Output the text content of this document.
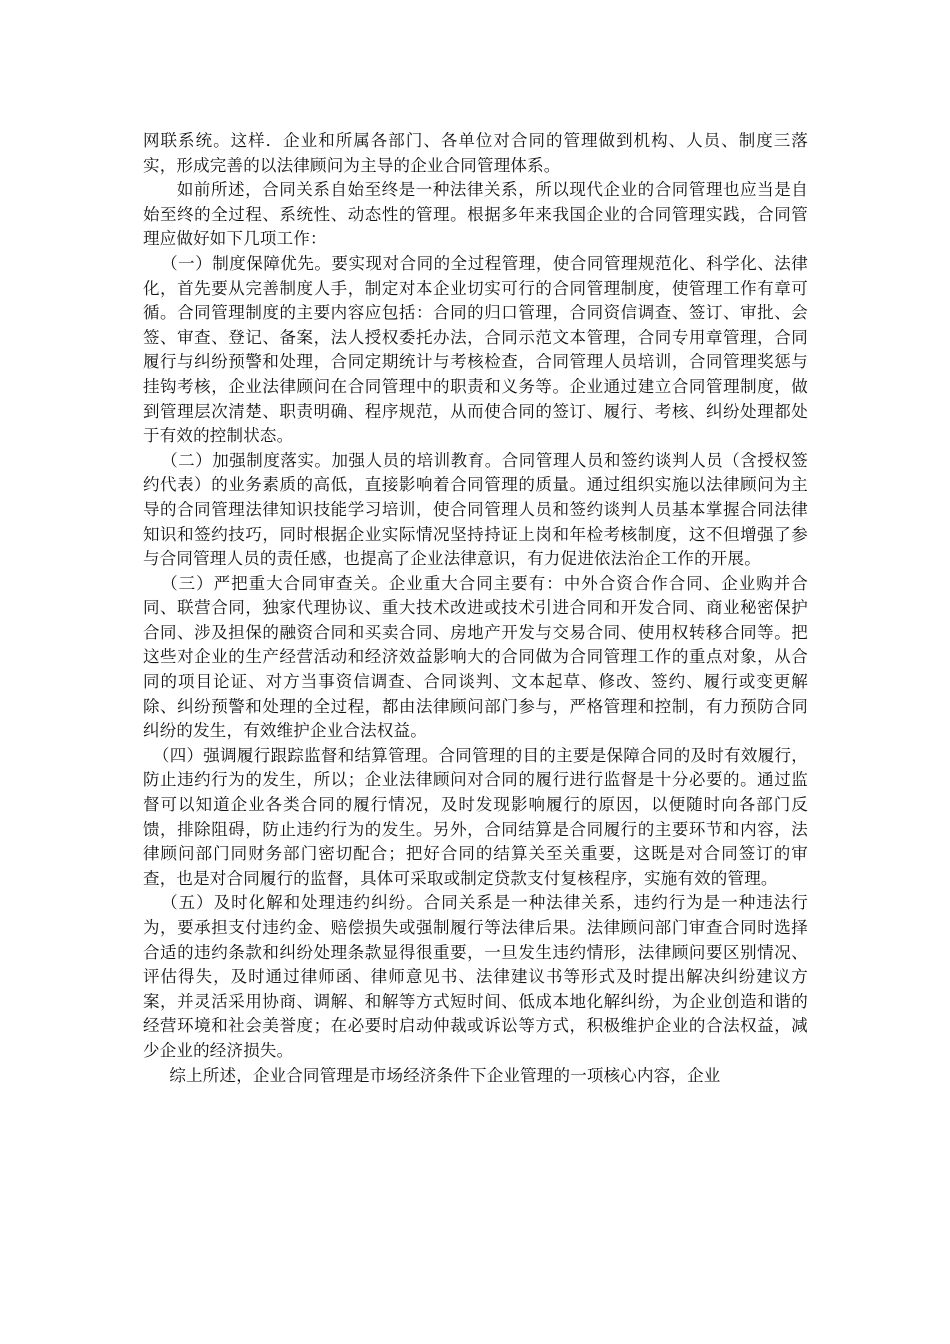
网联系统。这样．企业和所属各部门、各单位对合同的管理做到机构、人员、制度三落实，形成完善的以法律顾问为主导的企业合同管理体系。

如前所述，合同关系自始至终是一种法律关系，所以现代企业的合同管理也应当是自始至终的全过程、系统性、动态性的管理。根据多年来我国企业的合同管理实践，合同管理应做好如下几项工作：

（一）制度保障优先。要实现对合同的全过程管理，使合同管理规范化、科学化、法律化，首先要从完善制度人手，制定对本企业切实可行的合同管理制度，使管理工作有章可循。合同管理制度的主要内容应包括：合同的归口管理，合同资信调查、签订、审批、会签、审查、登记、备案，法人授权委托办法，合同示范文本管理，合同专用章管理，合同履行与纠纷预警和处理，合同定期统计与考核检查，合同管理人员培训，合同管理奖惩与挂钩考核，企业法律顾问在合同管理中的职责和义务等。企业通过建立合同管理制度，做到管理层次清楚、职责明确、程序规范，从而使合同的签订、履行、考核、纠纷处理都处于有效的控制状态。

（二）加强制度落实。加强人员的培训教育。合同管理人员和签约谈判人员（含授权签约代表）的业务素质的高低，直接影响着合同管理的质量。通过组织实施以法律顾问为主导的合同管理法律知识技能学习培训，使合同管理人员和签约谈判人员基本掌握合同法律知识和签约技巧，同时根据企业实际情况坚持持证上岗和年检考核制度，这不但增强了参与合同管理人员的责任感，也提高了企业法律意识，有力促进依法治企工作的开展。

（三）严把重大合同审查关。企业重大合同主要有：中外合资合作合同、企业购并合同、联营合同，独家代理协议、重大技术改进或技术引进合同和开发合同、商业秘密保护合同、涉及担保的融资合同和买卖合同、房地产开发与交易合同、使用权转移合同等。把这些对企业的生产经营活动和经济效益影响大的合同做为合同管理工作的重点对象，从合同的项目论证、对方当事资信调查、合同谈判、文本起草、修改、签约、履行或变更解除、纠纷预警和处理的全过程，都由法律顾问部门参与，严格管理和控制，有力预防合同纠纷的发生，有效维护企业合法权益。

（四）强调履行跟踪监督和结算管理。合同管理的目的主要是保障合同的及时有效履行，防止违约行为的发生，所以；企业法律顾问对合同的履行进行监督是十分必要的。通过监督可以知道企业各类合同的履行情况，及时发现影响履行的原因，以便随时向各部门反馈，排除阻碍，防止违约行为的发生。另外，合同结算是合同履行的主要环节和内容，法律顾问部门同财务部门密切配合；把好合同的结算关至关重要，这既是对合同签订的审查，也是对合同履行的监督，具体可采取或制定贷款支付复核程序，实施有效的管理。

（五）及时化解和处理违约纠纷。合同关系是一种法律关系，违约行为是一种违法行为，要承担支付违约金、赔偿损失或强制履行等法律后果。法律顾问部门审查合同时选择合适的违约条款和纠纷处理条款显得很重要，一旦发生违约情形，法律顾问要区别情况、评估得失，及时通过律师函、律师意见书、法律建议书等形式及时提出解决纠纷建议方案，并灵活采用协商、调解、和解等方式短时间、低成本地化解纠纷，为企业创造和谐的经营环境和社会美誉度；在必要时启动仲裁或诉讼等方式，积极维护企业的合法权益，减少企业的经济损失。

综上所述，企业合同管理是市场经济条件下企业管理的一项核心内容，企业
